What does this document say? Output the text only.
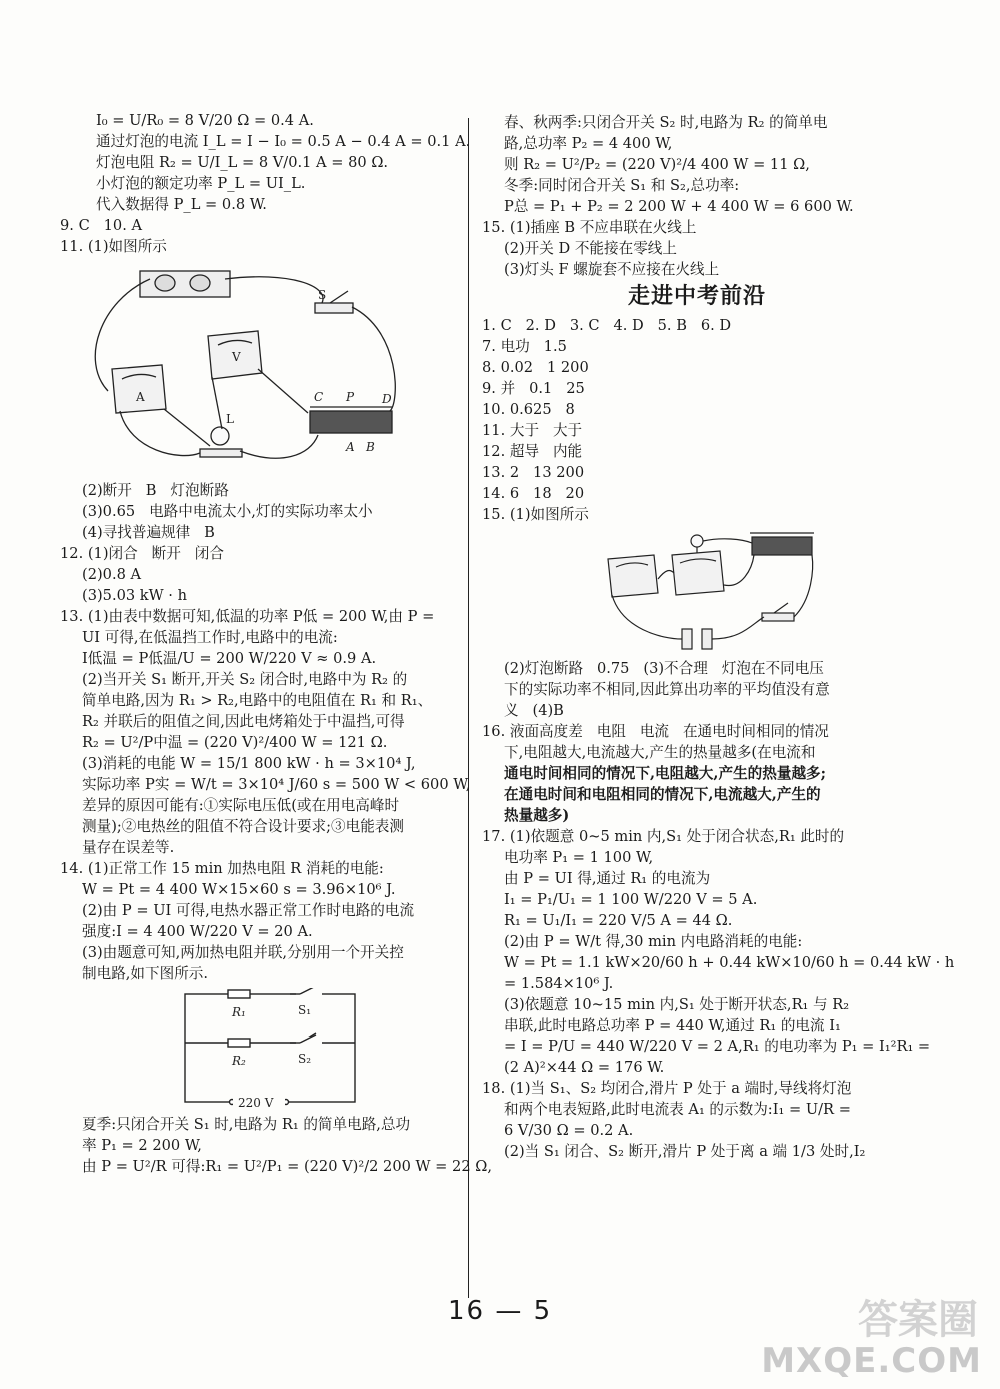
I₀ = U/R₀ = 8 V/20 Ω = 0.4 A.
通过灯泡的电流 I_L = I − I₀ = 0.5 A − 0.4 A = 0.1 A.
灯泡电阻 R₂ = U/I_L = 8 V/0.1 A = 80 Ω.
小灯泡的额定功率 P_L = UI_L.
代入数据得 P_L = 0.8 W.
9. C   10. A
11. (1)如图所示
S
V
A
L
C P D
A B
(2)断开   B   灯泡断路
(3)0.65   电路中电流太小,灯的实际功率太小
(4)寻找普遍规律   B
12. (1)闭合   断开   闭合
(2)0.8 A
(3)5.03 kW · h
13. (1)由表中数据可知,低温的功率 P低 = 200 W,由 P =
UI 可得,在低温挡工作时,电路中的电流:
I低温 = P低温/U = 200 W/220 V ≈ 0.9 A.
(2)当开关 S₁ 断开,开关 S₂ 闭合时,电路中为 R₂ 的
简单电路,因为 R₁ > R₂,电路中的电阻值在 R₁ 和 R₁、
R₂ 并联后的阻值之间,因此电烤箱处于中温挡,可得
R₂ = U²/P中温 = (220 V)²/400 W = 121 Ω.
(3)消耗的电能 W = 15/1 800 kW · h = 3×10⁴ J,
实际功率 P实 = W/t = 3×10⁴ J/60 s = 500 W < 600 W,
差异的原因可能有:①实际电压低(或在用电高峰时
测量);②电热丝的阻值不符合设计要求;③电能表测
量存在误差等.
14. (1)正常工作 15 min 加热电阻 R 消耗的电能:
W = Pt = 4 400 W×15×60 s = 3.96×10⁶ J.
(2)由 P = UI 可得,电热水器正常工作时电路的电流
强度:I = 4 400 W/220 V = 20 A.
(3)由题意可知,两加热电阻并联,分别用一个开关控
制电路,如下图所示.
R₁
R₂
S₁
S₂
220 V
夏季:只闭合开关 S₁ 时,电路为 R₁ 的简单电路,总功
率 P₁ = 2 200 W,
由 P = U²/R 可得:R₁ = U²/P₁ = (220 V)²/2 200 W = 22 Ω,
春、秋两季:只闭合开关 S₂ 时,电路为 R₂ 的简单电
路,总功率 P₂ = 4 400 W,
则 R₂ = U²/P₂ = (220 V)²/4 400 W = 11 Ω,
冬季:同时闭合开关 S₁ 和 S₂,总功率:
P总 = P₁ + P₂ = 2 200 W + 4 400 W = 6 600 W.
15. (1)插座 B 不应串联在火线上
(2)开关 D 不能接在零线上
(3)灯头 F 螺旋套不应接在火线上
走进中考前沿
1. C   2. D   3. C   4. D   5. B   6. D
7. 电功   1.5
8. 0.02   1 200
9. 并   0.1   25
10. 0.625   8
11. 大于   大于
12. 超导   内能
13. 2   13 200
14. 6   18   20
15. (1)如图所示
(2)灯泡断路   0.75   (3)不合理   灯泡在不同电压
下的实际功率不相同,因此算出功率的平均值没有意
义   (4)B
16. 液面高度差   电阻   电流   在通电时间相同的情况
下,电阻越大,电流越大,产生的热量越多(在电流和
通电时间相同的情况下,电阻越大,产生的热量越多;
在通电时间和电阻相同的情况下,电流越大,产生的
热量越多)
17. (1)依题意 0~5 min 内,S₁ 处于闭合状态,R₁ 此时的
电功率 P₁ = 1 100 W,
由 P = UI 得,通过 R₁ 的电流为
I₁ = P₁/U₁ = 1 100 W/220 V = 5 A.
R₁ = U₁/I₁ = 220 V/5 A = 44 Ω.
(2)由 P = W/t 得,30 min 内电路消耗的电能:
W = Pt = 1.1 kW×20/60 h + 0.44 kW×10/60 h = 0.44 kW · h
= 1.584×10⁶ J.
(3)依题意 10~15 min 内,S₁ 处于断开状态,R₁ 与 R₂
串联,此时电路总功率 P = 440 W,通过 R₁ 的电流 I₁
= I = P/U = 440 W/220 V = 2 A,R₁ 的电功率为 P₁ = I₁²R₁ =
(2 A)²×44 Ω = 176 W.
18. (1)当 S₁、S₂ 均闭合,滑片 P 处于 a 端时,导线将灯泡
和两个电表短路,此时电流表 A₁ 的示数为:I₁ = U/R =
6 V/30 Ω = 0.2 A.
(2)当 S₁ 闭合、S₂ 断开,滑片 P 处于离 a 端 1/3 处时,I₂
16 — 5	答案圈
MXQE.COM
